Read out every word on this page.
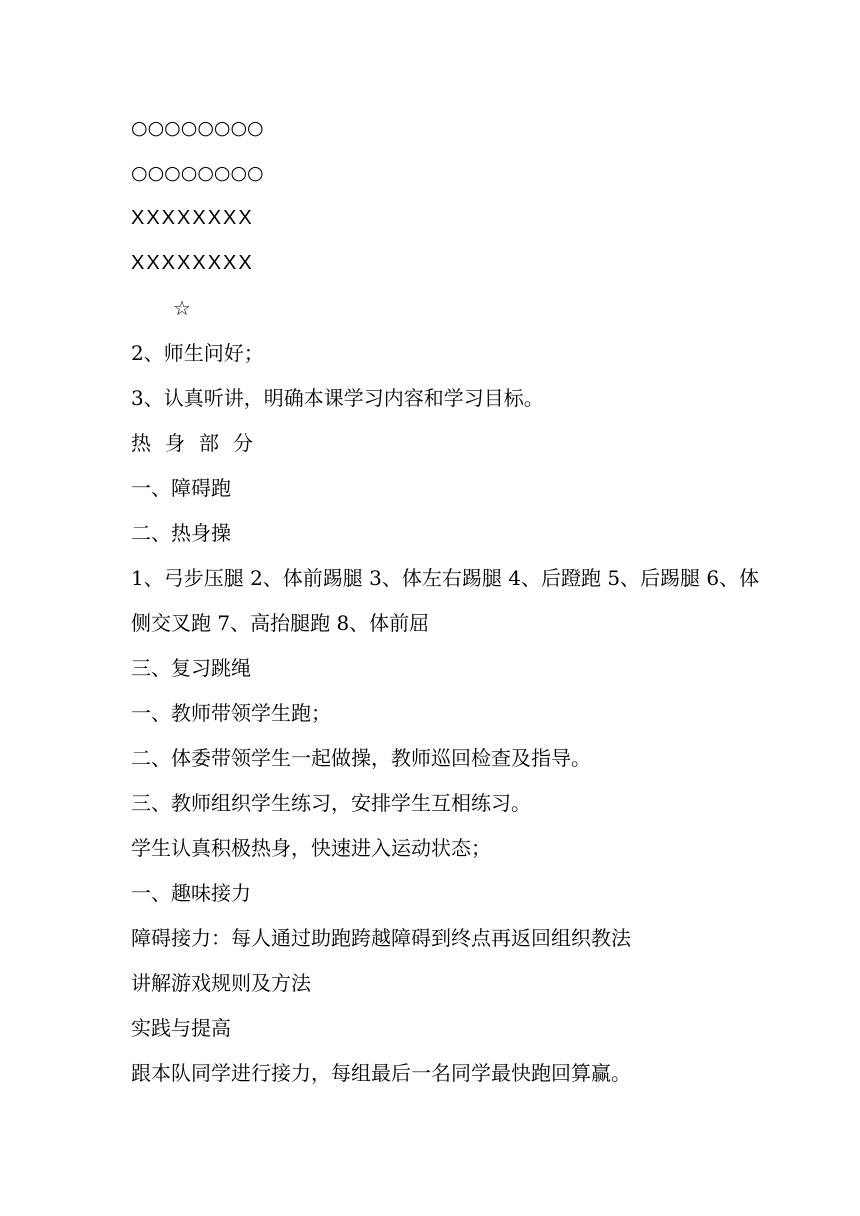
○○○○○○○○
○○○○○○○○
XXXXXXXX
XXXXXXXX
☆
2、师生问好；
3、认真听讲，明确本课学习内容和学习目标。
热身部分
一、障碍跑
二、热身操
1、弓步压腿 2、体前踢腿 3、体左右踢腿 4、后蹬跑 5、后踢腿 6、体侧交叉跑 7、高抬腿跑 8、体前屈
三、复习跳绳
一、教师带领学生跑；
二、体委带领学生一起做操，教师巡回检查及指导。
三、教师组织学生练习，安排学生互相练习。
学生认真积极热身，快速进入运动状态；
一、趣味接力
障碍接力：每人通过助跑跨越障碍到终点再返回组织教法
讲解游戏规则及方法
实践与提高
跟本队同学进行接力，每组最后一名同学最快跑回算赢。
